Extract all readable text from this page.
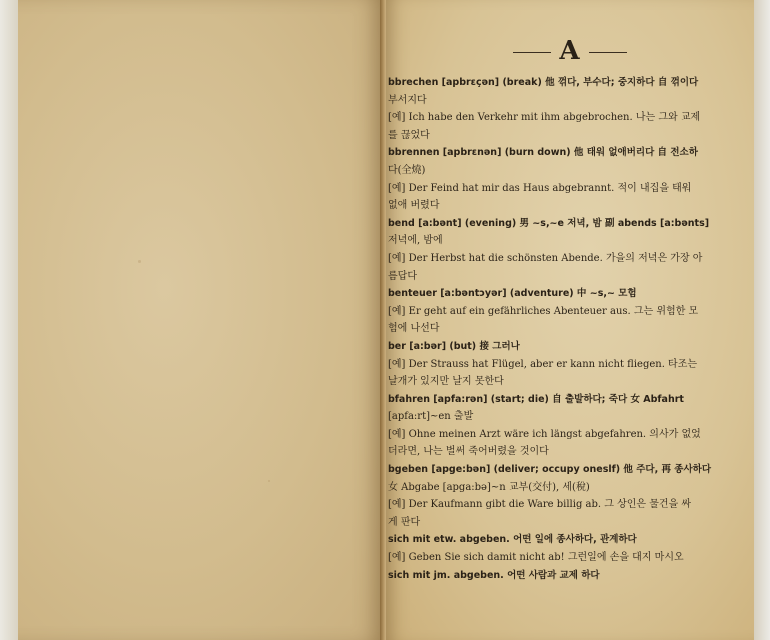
A
bbrechen [apbrεçən] (break) 他 꺾다, 부수다; 중지하다 自 꺾이다
부서지다
[예] Ich habe den Verkehr mit ihm abgebrochen. 나는 그와 교제
를 끊었다
bbrennen [apbrɛnən] (burn down) 他 태워 없애버리다 自 전소하
다(全燒)
[예] Der Feind hat mir das Haus abgebrannt. 적이 내집을 태워
없애 버렸다
bend [a:bənt] (evening) 男 ~s,~e 저녁, 밤 副 abends [a:bənts]
저녁에, 밤에
[예] Der Herbst hat die schönsten Abende. 가을의 저녁은 가장 아
름답다
benteuer [a:bəntɔyər] (adventure) 中 ~s,~ 모험
[예] Er geht auf ein gefährliches Abenteuer aus. 그는 위험한 모
험에 나선다
ber [a:bər] (but) 接 그러나
[예] Der Strauss hat Flügel, aber er kann nicht fliegen. 타조는
날개가 있지만 날지 못한다
bfahren [apfa:rən] (start; die) 自 출발하다; 죽다 女 Abfahrt
[apfa:rt]~en 출발
[예] Ohne meinen Arzt wäre ich längst abgefahren. 의사가 없었
더라면, 나는 벌써 죽어버렸을 것이다
bgeben [apge:bən] (deliver; occupy oneslf) 他 주다, 再 종사하다
女 Abgabe [apga:bə]~n 교부(交付), 세(稅)
[예] Der Kaufmann gibt die Ware billig ab. 그 상인은 물건을 싸
게 판다
sich mit etw. abgeben. 어떤 일에 종사하다, 관계하다
[예] Geben Sie sich damit nicht ab! 그런일에 손을 대지 마시오
sich mit jm. abgeben. 어떤 사람과 교제 하다
